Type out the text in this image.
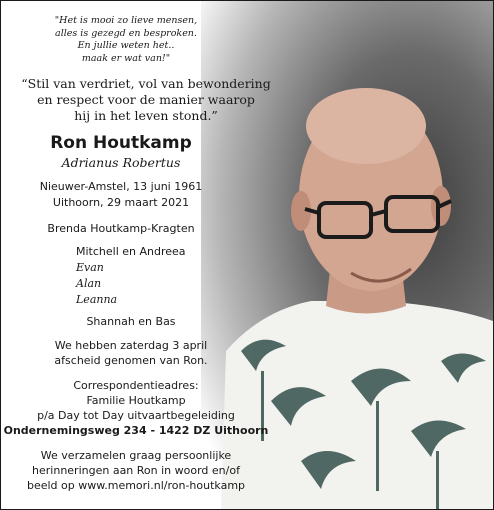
"Het is mooi zo lieve mensen,
alles is gezegd en besproken.
En jullie weten het..
maak er wat van!"
“Stil van verdriet, vol van bewondering
en respect voor de manier waarop
hij in het leven stond.”
Ron Houtkamp
Adrianus Robertus
Nieuwer-Amstel, 13 juni 1961
Uithoorn, 29 maart 2021
Brenda Houtkamp-Kragten
Mitchell en Andreea
Evan
Alan
Leanna
Shannah en Bas
We hebben zaterdag 3 april
afscheid genomen van Ron.
Correspondentieadres:
Familie Houtkamp
p/a Day tot Day uitvaartbegeleiding
Ondernemingsweg 234 - 1422 DZ Uithoorn
We verzamelen graag persoonlijke
herinneringen aan Ron in woord en/of
beeld op www.memori.nl/ron-houtkamp
